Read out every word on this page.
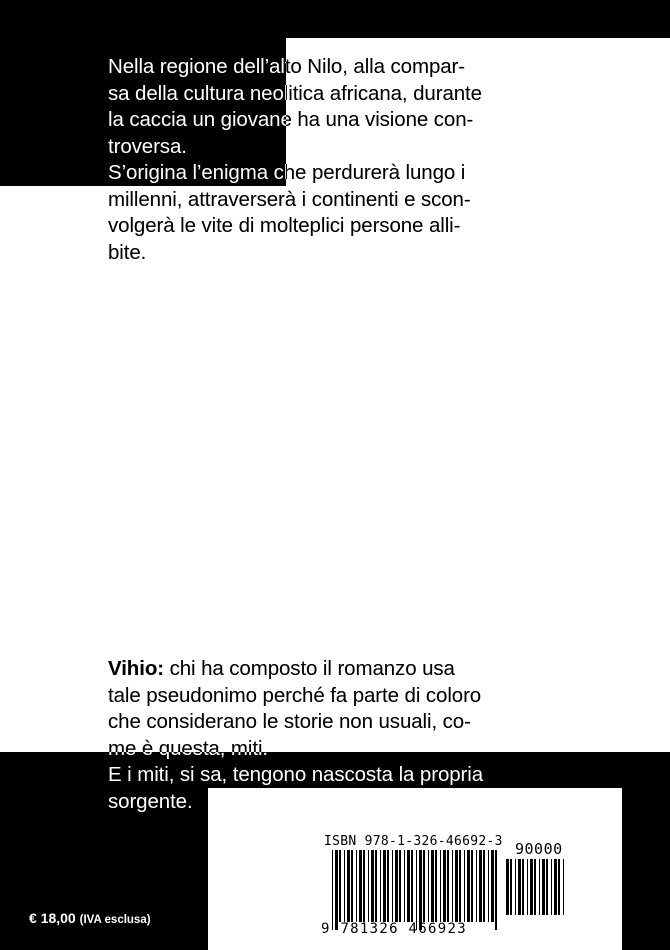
Nella regione dell’alto Nilo, alla compar-

sa della cultura neolitica africana, durante

la caccia un giovane ha una visione con-

troversa.

S’origina l’enigma che perdurerà lungo i

millenni, attraverserà i continenti e scon-

volgerà le vite di molteplici persone alli-

bite.

Vihio: chi ha composto il romanzo usa

tale pseudonimo perché fa parte di coloro

che considerano le storie non usuali, co-

me è questa, miti.

E i miti, si sa, tengono nascosta la propria

sorgente.

€ 18,00 (IVA esclusa)
ISBN 978-1-326-46692-3 90000
9 781326 466923
